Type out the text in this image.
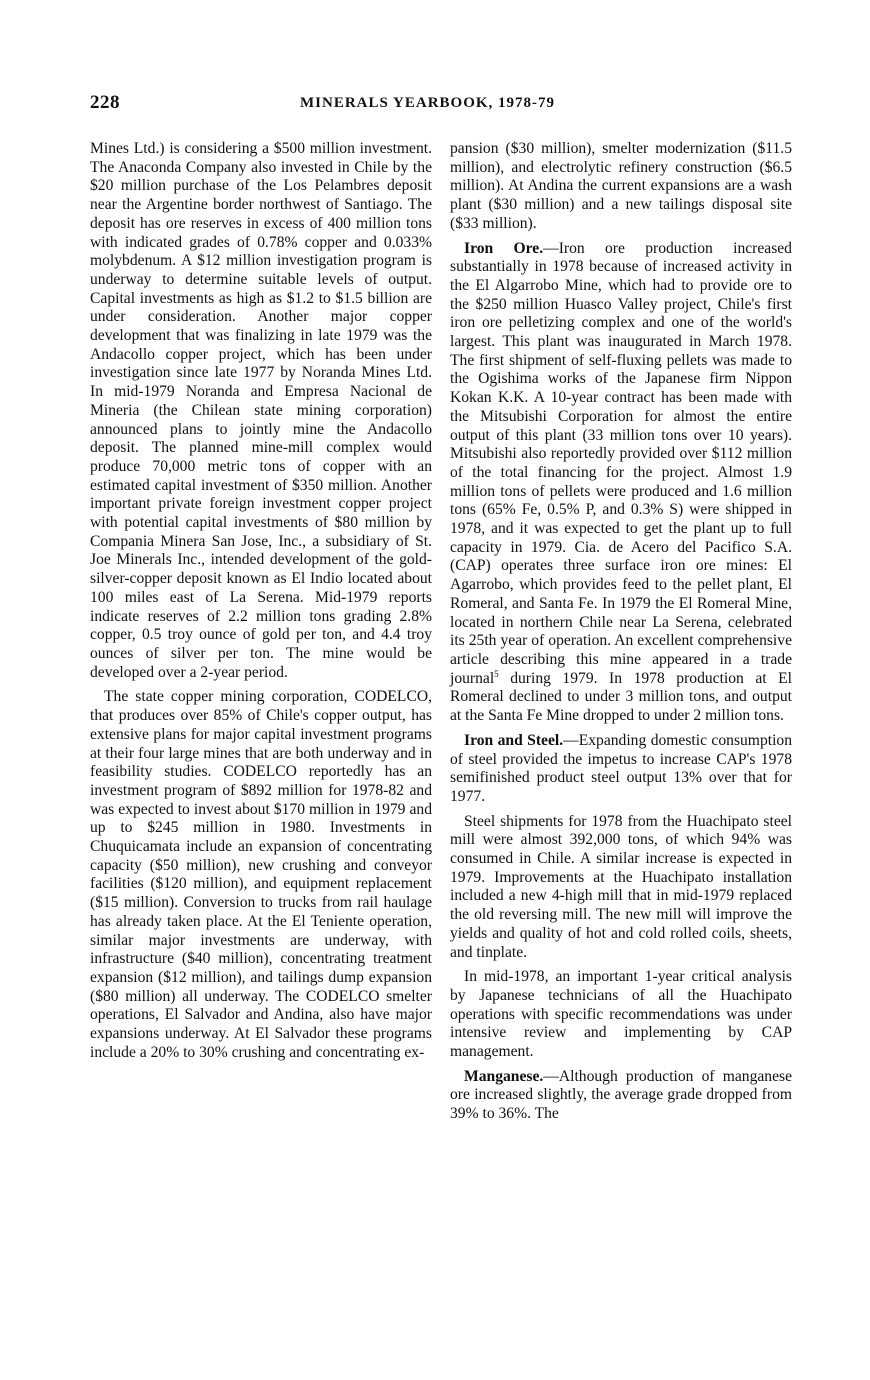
228	MINERALS YEARBOOK, 1978-79

Mines Ltd.) is considering a $500 million investment. The Anaconda Company also invested in Chile by the $20 million purchase of the Los Pelambres deposit near the Argentine border northwest of Santiago. The deposit has ore reserves in excess of 400 million tons with indicated grades of 0.78% copper and 0.033% molybdenum. A $12 million investigation program is underway to determine suitable levels of output. Capital investments as high as $1.2 to $1.5 billion are under consideration. Another major copper development that was finalizing in late 1979 was the Andacollo copper project, which has been under investigation since late 1977 by Noranda Mines Ltd. In mid-1979 Noranda and Empresa Nacional de Mineria (the Chilean state mining corporation) announced plans to jointly mine the Andacollo deposit. The planned mine-mill complex would produce 70,000 metric tons of copper with an estimated capital investment of $350 million. Another important private foreign investment copper project with potential capital investments of $80 million by Compania Minera San Jose, Inc., a subsidiary of St. Joe Minerals Inc., intended development of the gold-silver-copper deposit known as El Indio located about 100 miles east of La Serena. Mid-1979 reports indicate reserves of 2.2 million tons grading 2.8% copper, 0.5 troy ounce of gold per ton, and 4.4 troy ounces of silver per ton. The mine would be developed over a 2-year period.

The state copper mining corporation, CODELCO, that produces over 85% of Chile's copper output, has extensive plans for major capital investment programs at their four large mines that are both underway and in feasibility studies. CODELCO reportedly has an investment program of $892 million for 1978-82 and was expected to invest about $170 million in 1979 and up to $245 million in 1980. Investments in Chuquicamata include an expansion of concentrating capacity ($50 million), new crushing and conveyor facilities ($120 million), and equipment replacement ($15 million). Conversion to trucks from rail haulage has already taken place. At the El Teniente operation, similar major investments are underway, with infrastructure ($40 million), concentrating treatment expansion ($12 million), and tailings dump expansion ($80 million) all underway. The CODELCO smelter operations, El Salvador and Andina, also have major expansions underway. At El Salvador these programs include a 20% to 30% crushing and concentrating ex-

pansion ($30 million), smelter modernization ($11.5 million), and electrolytic refinery construction ($6.5 million). At Andina the current expansions are a wash plant ($30 million) and a new tailings disposal site ($33 million).

Iron Ore.—Iron ore production increased substantially in 1978 because of increased activity in the El Algarrobo Mine, which had to provide ore to the $250 million Huasco Valley project, Chile's first iron ore pelletizing complex and one of the world's largest. This plant was inaugurated in March 1978. The first shipment of self-fluxing pellets was made to the Ogishima works of the Japanese firm Nippon Kokan K.K. A 10-year contract has been made with the Mitsubishi Corporation for almost the entire output of this plant (33 million tons over 10 years). Mitsubishi also reportedly provided over $112 million of the total financing for the project. Almost 1.9 million tons of pellets were produced and 1.6 million tons (65% Fe, 0.5% P, and 0.3% S) were shipped in 1978, and it was expected to get the plant up to full capacity in 1979. Cia. de Acero del Pacifico S.A. (CAP) operates three surface iron ore mines: El Agarrobo, which provides feed to the pellet plant, El Romeral, and Santa Fe. In 1979 the El Romeral Mine, located in northern Chile near La Serena, celebrated its 25th year of operation. An excellent comprehensive article describing this mine appeared in a trade journal$^5$ during 1979. In 1978 production at El Romeral declined to under 3 million tons, and output at the Santa Fe Mine dropped to under 2 million tons.

Iron and Steel.—Expanding domestic consumption of steel provided the impetus to increase CAP's 1978 semifinished product steel output 13% over that for 1977.

Steel shipments for 1978 from the Huachipato steel mill were almost 392,000 tons, of which 94% was consumed in Chile. A similar increase is expected in 1979. Improvements at the Huachipato installation included a new 4-high mill that in mid-1979 replaced the old reversing mill. The new mill will improve the yields and quality of hot and cold rolled coils, sheets, and tinplate.

In mid-1978, an important 1-year critical analysis by Japanese technicians of all the Huachipato operations with specific recommendations was under intensive review and implementing by CAP management.

Manganese.—Although production of manganese ore increased slightly, the average grade dropped from 39% to 36%. The
